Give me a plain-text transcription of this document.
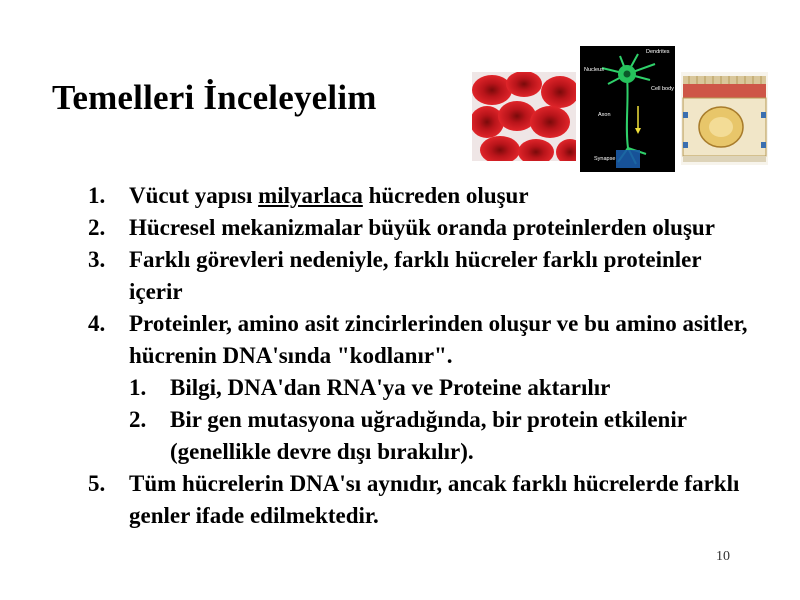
Temelleri İnceleyelim
Dendrites
Nucleus
Cell body
Axon
Synapse
1. Vücut yapısı milyarlaca hücreden oluşur
2. Hücresel mekanizmalar büyük oranda proteinlerden oluşur
3. Farklı görevleri nedeniyle, farklı hücreler farklı proteinler içerir
4. Proteinler, amino asit zincirlerinden oluşur ve bu amino asitler, hücrenin DNA'sında "kodlanır".
1. Bilgi, DNA'dan RNA'ya ve Proteine aktarılır
2. Bir gen mutasyona uğradığında, bir protein etkilenir (genellikle devre dışı bırakılır).
5. Tüm hücrelerin DNA'sı aynıdır, ancak farklı hücrelerde farklı genler ifade edilmektedir.
10
